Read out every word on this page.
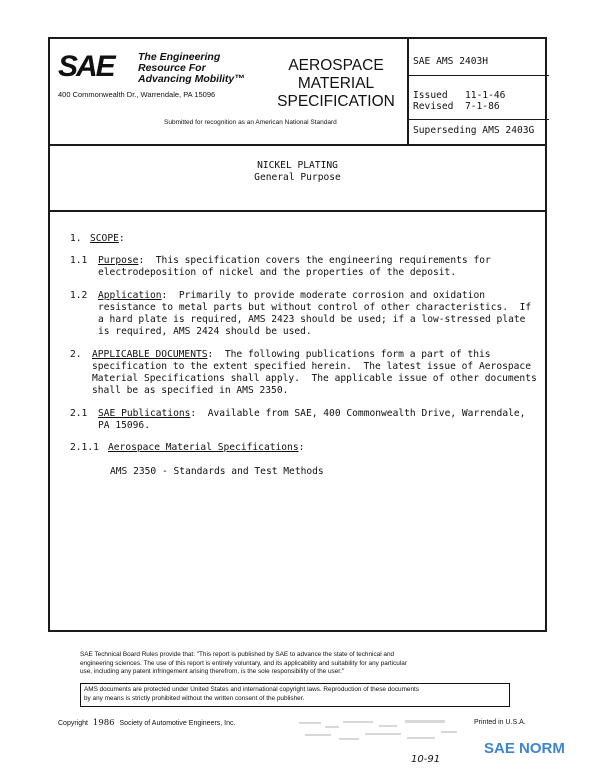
SAE The Engineering
Resource For
Advancing Mobility™
400 Commonwealth Dr., Warrendale, PA 15096
AEROSPACE
MATERIAL
SPECIFICATION
Submitted for recognition as an American National Standard
SAE AMS 2403H
Issued   11-1-46
Revised  7-1-86
Superseding AMS 2403G
NICKEL PLATING
General Purpose
1. SCOPE:
1.1 Purpose:  This specification covers the engineering requirements for
electrodeposition of nickel and the properties of the deposit.
1.2 Application:  Primarily to provide moderate corrosion and oxidation
resistance to metal parts but without control of other characteristics.  If
a hard plate is required, AMS 2423 should be used; if a low-stressed plate
is required, AMS 2424 should be used.
2. APPLICABLE DOCUMENTS:  The following publications form a part of this
specification to the extent specified herein.  The latest issue of Aerospace
Material Specifications shall apply.  The applicable issue of other documents
shall be as specified in AMS 2350.
2.1 SAE Publications:  Available from SAE, 400 Commonwealth Drive, Warrendale,
PA 15096.
2.1.1 Aerospace Material Specifications:
AMS 2350 - Standards and Test Methods
SAE Technical Board Rules provide that: "This report is published by SAE to advance the state of technical and
engineering sciences. The use of this report is entirely voluntary, and its applicability and suitability for any particular
use, including any patent infringement arising therefrom, is the sole responsibility of the user."
AMS documents are protected under United States and international copyright laws. Reproduction of these documents
by any means is strictly prohibited without the written consent of the publisher.
Copyright 1986 Society of Automotive Engineers, Inc.	Printed in U.S.A.
10-91
SAE NORM
